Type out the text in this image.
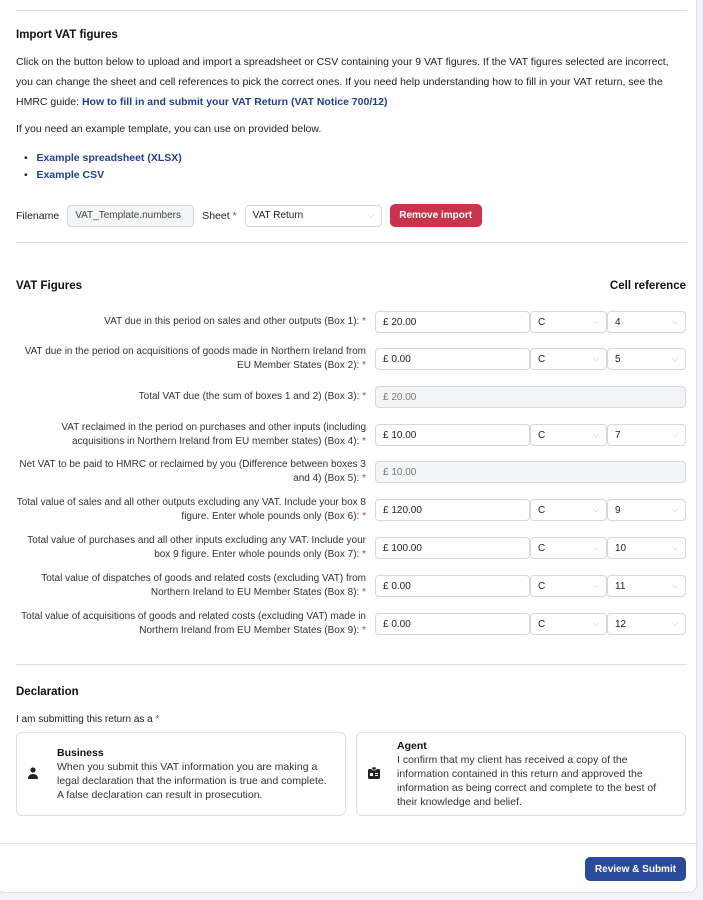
Import VAT figures

Click on the button below to upload and import a spreadsheet or CSV containing your 9 VAT figures. If the VAT figures selected are incorrect, you can change the sheet and cell references to pick the correct ones. If you need help understanding how to fill in your VAT return, see the HMRC guide: How to fill in and submit your VAT Return (VAT Notice 700/12)

If you need an example template, you can use on provided below.

•   Example spreadsheet (XLSX)
•   Example CSV
Filename	VAT_Template.numbers	Sheet * VAT Return	⌵	Remove import
VAT Figures	Cell reference
VAT due in this period on sales and other outputs (Box 1): *	£ 20.00	C	⌵ 4	⌵
VAT due in the period on acquisitions of goods made in Northern Ireland from EU Member States (Box 2): *
£ 0.00	C	⌵ 5	⌵
Total VAT due (the sum of boxes 1 and 2) (Box 3): *	£ 20.00
VAT reclaimed in the period on purchases and other inputs (including acquisitions in Northern Ireland from EU member states) (Box 4): *
£ 10.00	C	⌵ 7	⌵
Net VAT to be paid to HMRC or reclaimed by you (Difference between boxes 3 and 4) (Box 5): *
£ 10.00
Total value of sales and all other outputs excluding any VAT. Include your box 8 figure. Enter whole pounds only (Box 6): *
£ 120.00	C	⌵ 9	⌵
Total value of purchases and all other inputs excluding any VAT. Include your box 9 figure. Enter whole pounds only (Box 7): *
£ 100.00	C	⌵ 10	⌵
Total value of dispatches of goods and related costs (excluding VAT) from Northern Ireland to EU Member States (Box 8): *
£ 0.00	C	⌵ 11	⌵
Total value of acquisitions of goods and related costs (excluding VAT) made in Northern Ireland from EU Member States (Box 9): *
£ 0.00	C	⌵ 12	⌵
Declaration
I am submitting this return as a *
Business
When you submit this VAT information you are making a legal declaration that the information is true and complete. A false declaration can result in prosecution.
Agent
I confirm that my client has received a copy of the information contained in this return and approved the information as being correct and complete to the best of their knowledge and belief.
Review & Submit
